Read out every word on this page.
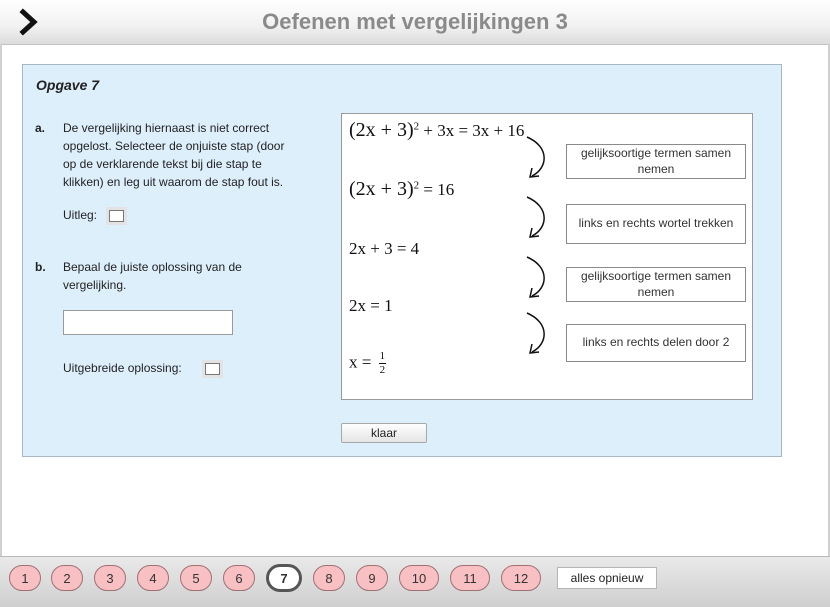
Oefenen met vergelijkingen 3
Opgave 7
a. De vergelijking hiernaast is niet correct
opgelost. Selecteer de onjuiste stap (door
op de verklarende tekst bij die stap te
klikken) en leg uit waarom de stap fout is.
Uitleg:
b. Bepaal de juiste oplossing van de
vergelijking.
Uitgebreide oplossing:
$(2x + 3)^2 + 3x = 3x + 16$
$(2x + 3)^2 = 16$
2x + 3 = 4
2x = 1
$x = \frac{1}{2}$
gelijksoortige termen samen nemen
links en rechts wortel trekken
gelijksoortige termen samen nemen
links en rechts delen door 2
klaar
1	2	3	4	5	6	7	8	9	10	11	12	alles opnieuw
